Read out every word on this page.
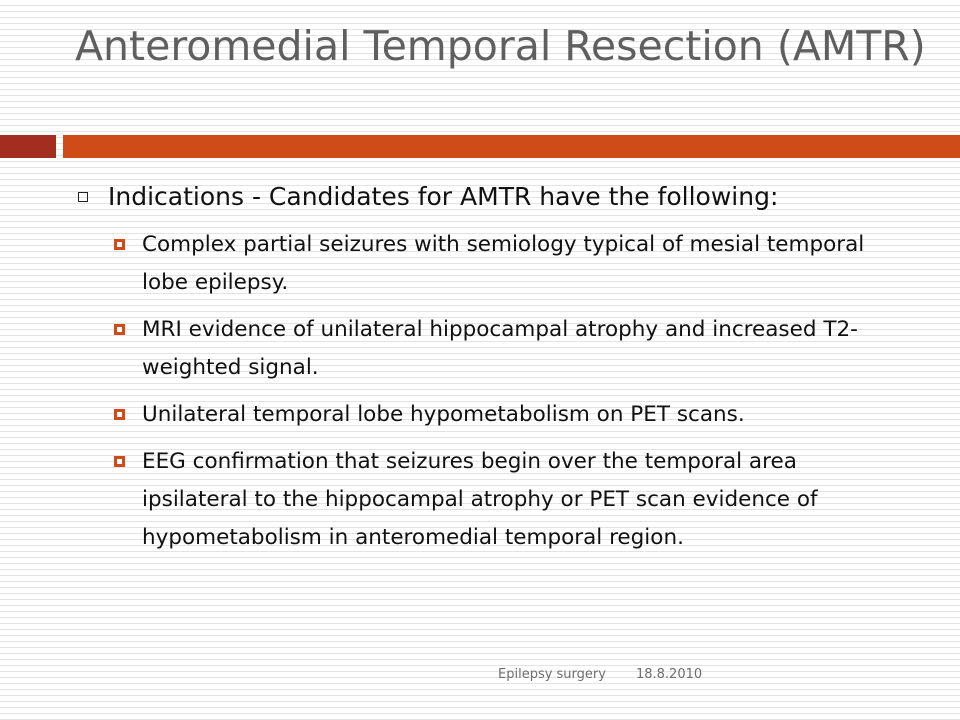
Anteromedial Temporal Resection (AMTR)
Indications - Candidates for AMTR have the following:
Complex partial seizures with semiology typical of mesial temporal lobe epilepsy.
MRI evidence of unilateral hippocampal atrophy and increased T2-weighted signal.
Unilateral temporal lobe hypometabolism on PET scans.
EEG confirmation that seizures begin over the temporal area ipsilateral to the hippocampal atrophy or PET scan evidence of hypometabolism in anteromedial temporal region.
Epilepsy surgery 18.8.2010
